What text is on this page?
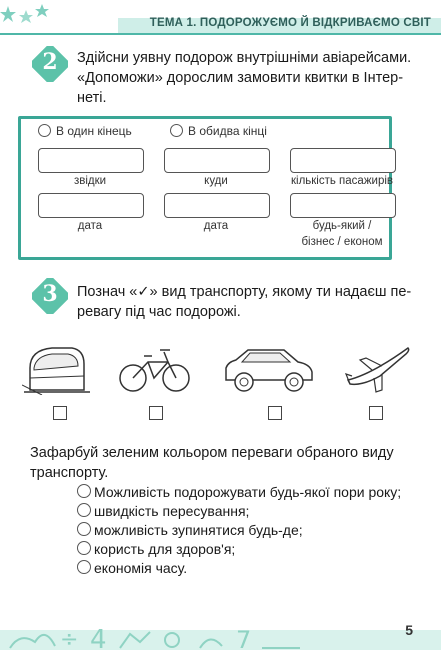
ТЕМА 1. ПОДОРОЖУЄМО Й ВІДКРИВАЄМО СВІТ
2	Здійсни уявну подорож внутрішніми авіарейсами.
«Допоможи» дорослим замовити квитки в Інтер-
неті.
В один кінець	В обидва кінці
звідки	куди	кількість пасажирів
дата	дата	будь-який /
бізнес / економ
3	Познач «✓» вид транспорту, якому ти надаєш пе-
ревагу під час подорожі.
Зафарбуй зеленим кольором переваги обраного виду
транспорту.
Можливість подорожувати будь-якої пори року;
швидкість пересування;
можливість зупинятися будь-де;
користь для здоров'я;
економія часу.
÷ 4	7	5
